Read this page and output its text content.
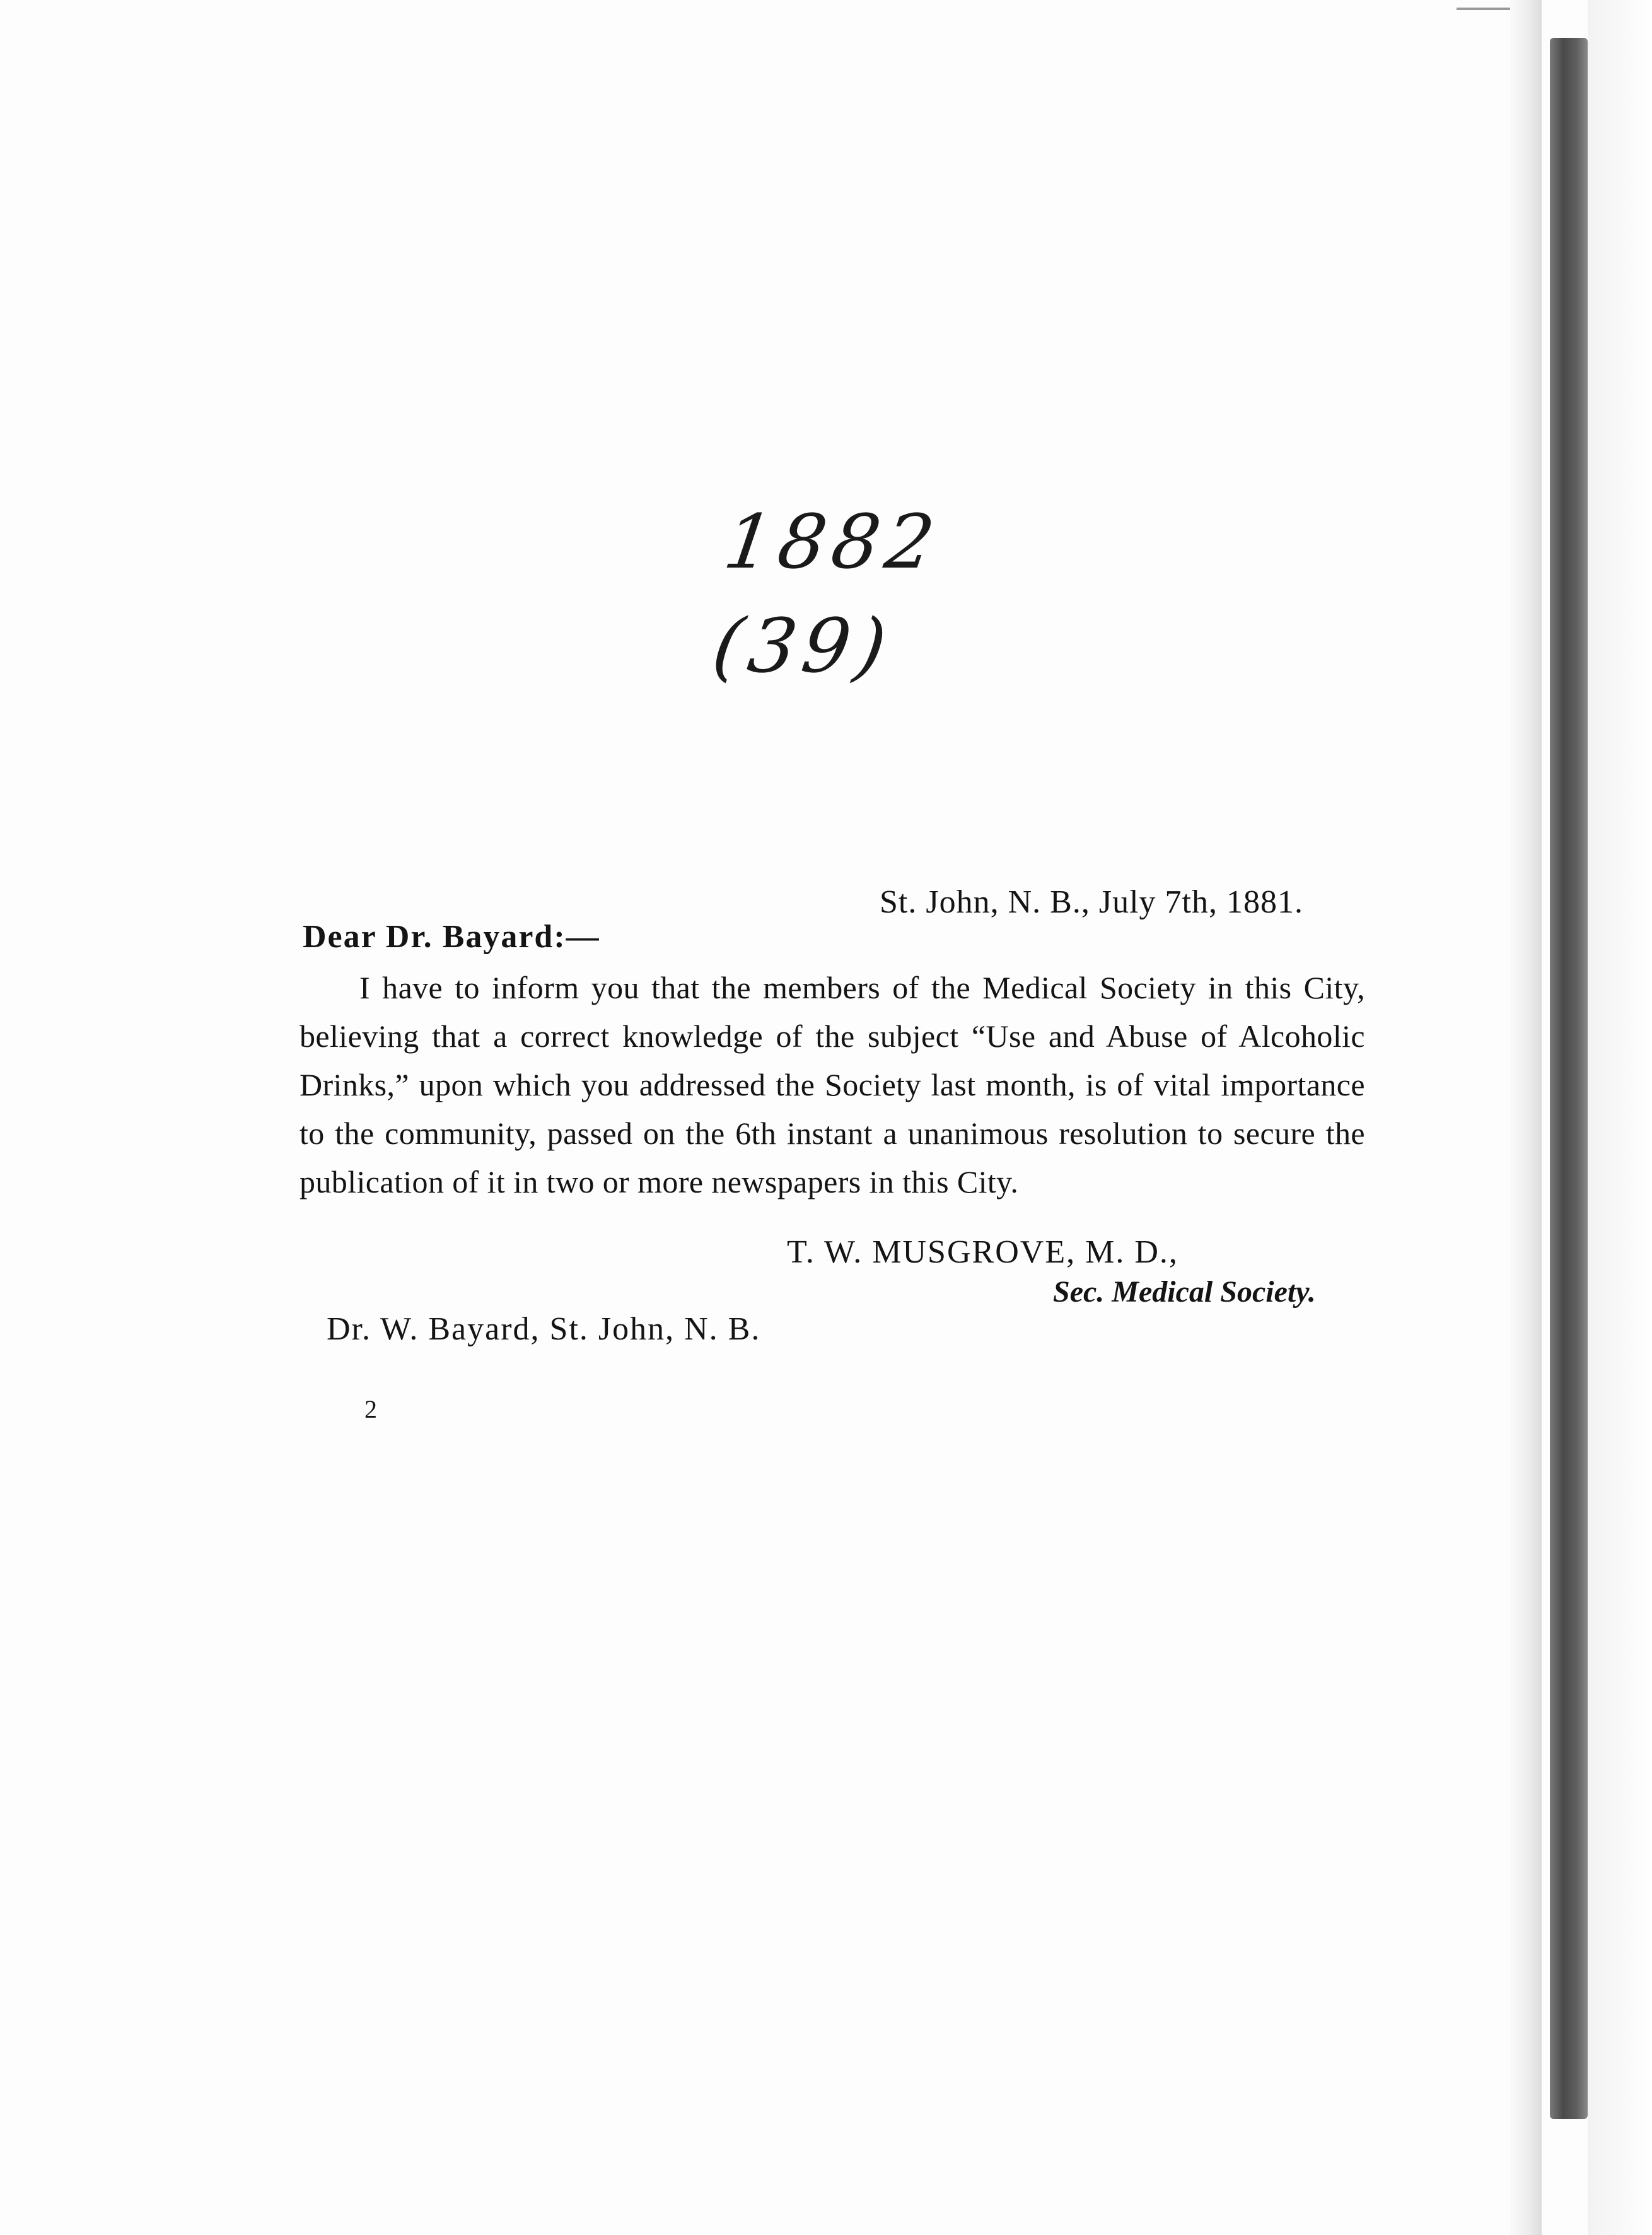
1882
(39)
St. John, N. B., July 7th, 1881.
Dear Dr. Bayard:—
I have to inform you that the members of the Medical Society in this City, believing that a correct knowledge of the subject “Use and Abuse of Alcoholic Drinks,” upon which you addressed the Society last month, is of vital importance to the community, passed on the 6th instant a unanimous resolution to secure the publication of it in two or more newspapers in this City.
T. W. MUSGROVE, M. D.,
Sec. Medical Society.
Dr. W. Bayard, St. John, N. B.
2
